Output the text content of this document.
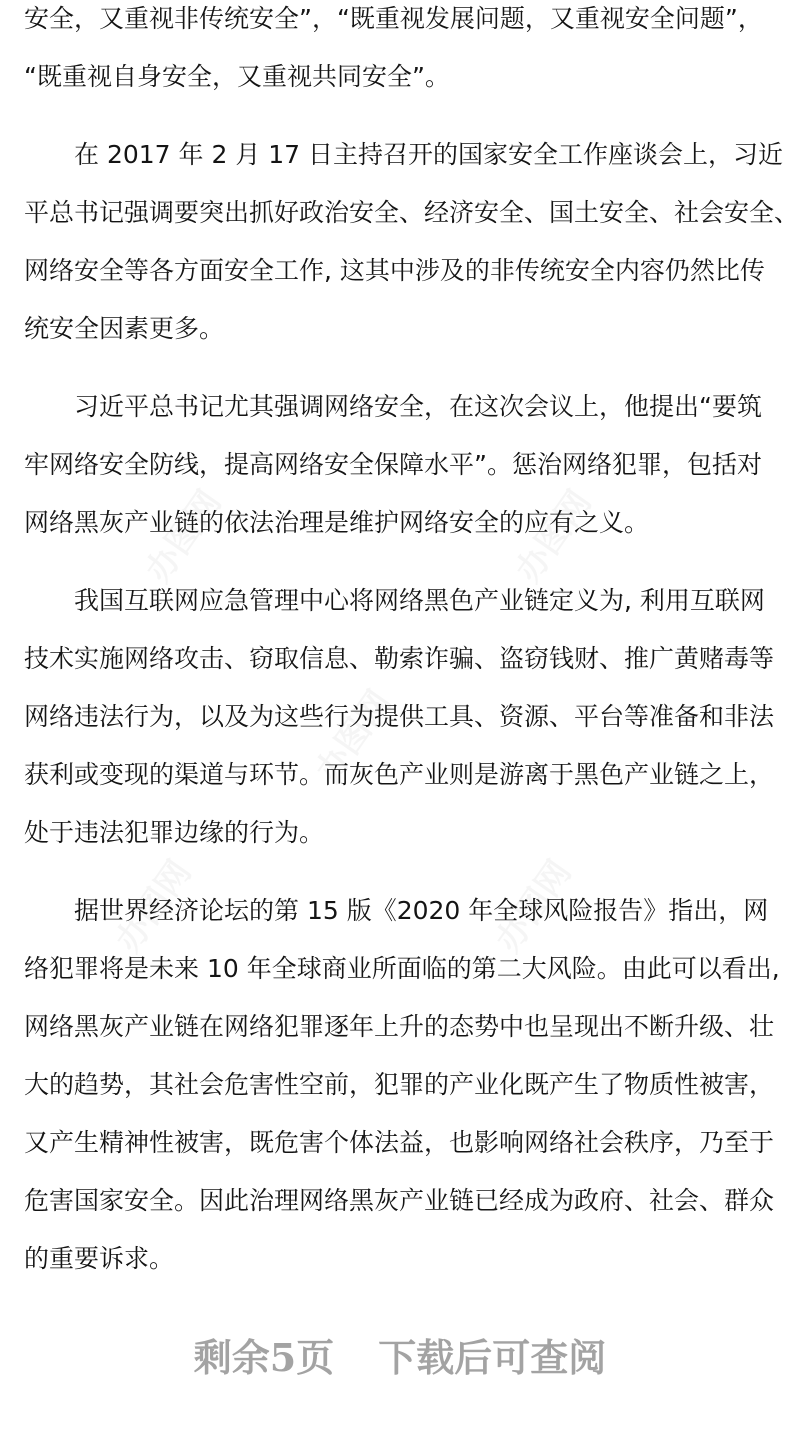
安全，又重视非传统安全”，“既重视发展问题，又重视安全问题”，
“既重视自身安全，又重视共同安全”。
在 2017 年 2 月 17 日主持召开的国家安全工作座谈会上，习近
平总书记强调要突出抓好政治安全、经济安全、国土安全、社会安全、
网络安全等各方面安全工作, 这其中涉及的非传统安全内容仍然比传
统安全因素更多。
习近平总书记尤其强调网络安全，在这次会议上，他提出“要筑
牢网络安全防线，提高网络安全保障水平”。惩治网络犯罪，包括对
网络黑灰产业链的依法治理是维护网络安全的应有之义。
我国互联网应急管理中心将网络黑色产业链定义为, 利用互联网
技术实施网络攻击、窃取信息、勒索诈骗、盗窃钱财、推广黄赌毒等
网络违法行为，以及为这些行为提供工具、资源、平台等准备和非法
获利或变现的渠道与环节。而灰色产业则是游离于黑色产业链之上，
处于违法犯罪边缘的行为。
据世界经济论坛的第 15 版《2020 年全球风险报告》指出，网
络犯罪将是未来 10 年全球商业所面临的第二大风险。由此可以看出,
网络黑灰产业链在网络犯罪逐年上升的态势中也呈现出不断升级、壮
大的趋势，其社会危害性空前，犯罪的产业化既产生了物质性被害，
又产生精神性被害，既危害个体法益，也影响网络社会秩序，乃至于
危害国家安全。因此治理网络黑灰产业链已经成为政府、社会、群众
的重要诉求。
剩余5页 下载后可查阅
